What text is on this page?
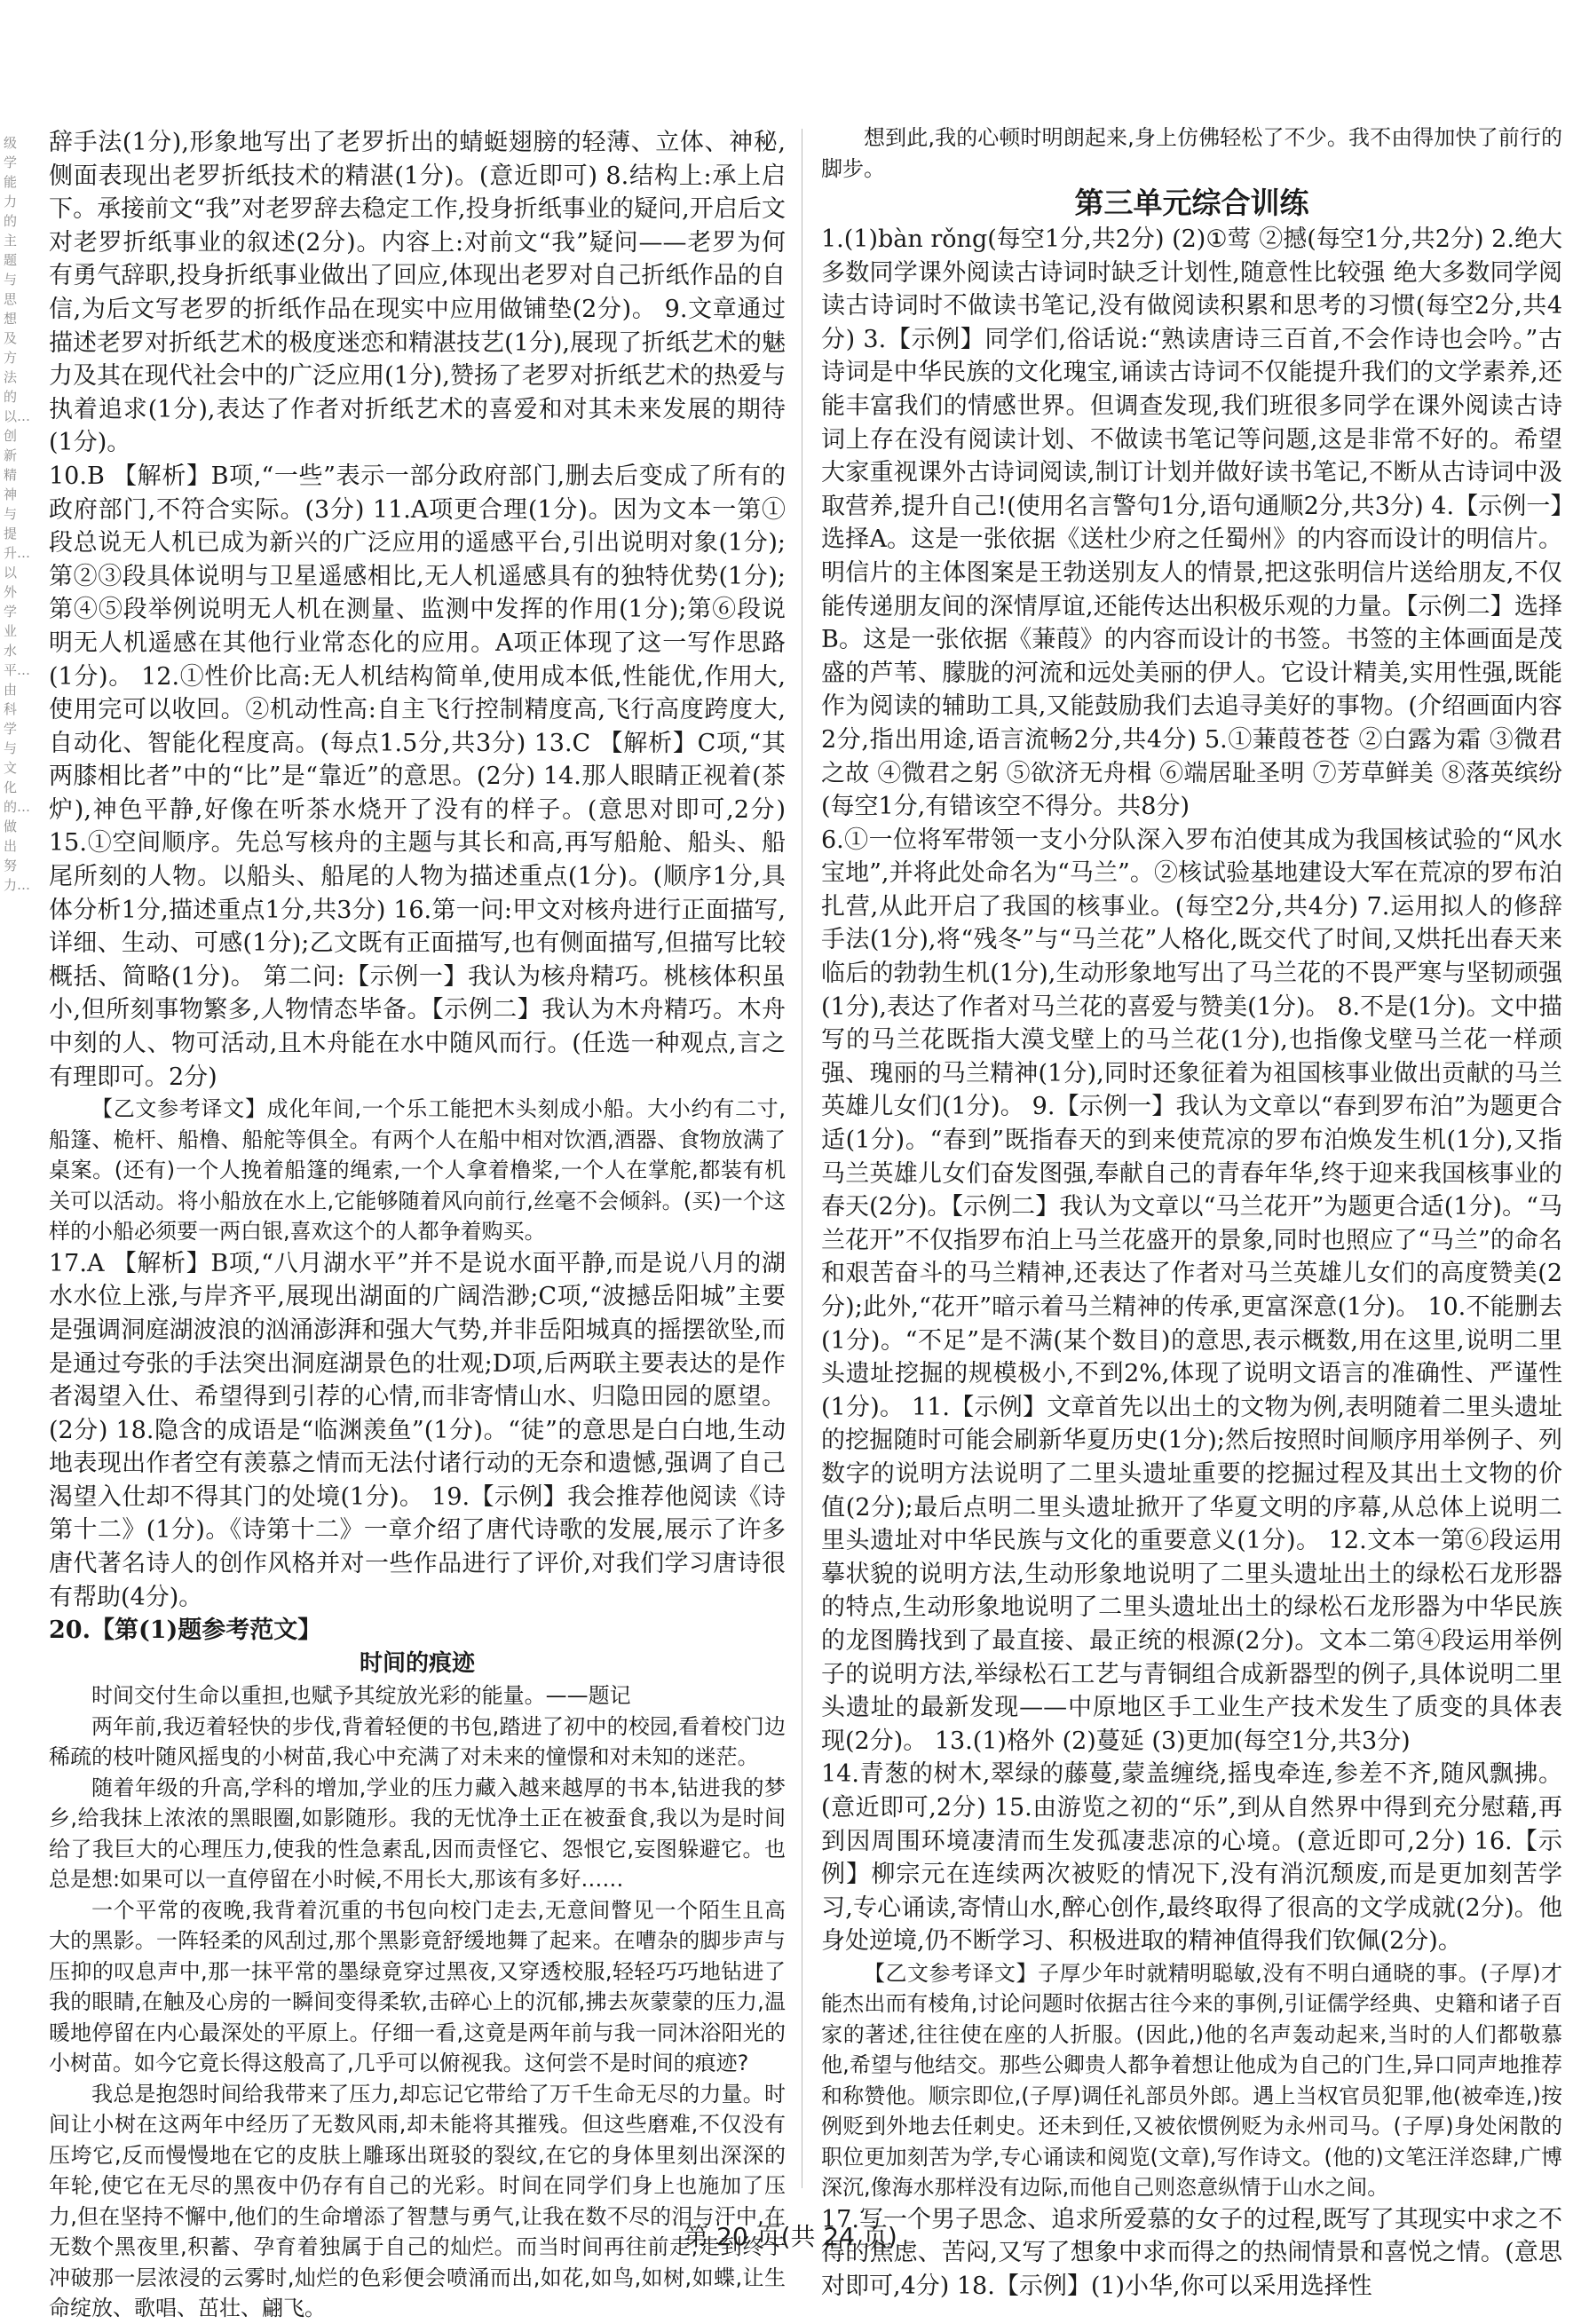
级学能力的主题与思想及方法的以…创新精神与提升…以外学业水平…由科学与文化的…做出努力…

辞手法(1分),形象地写出了老罗折出的蜻蜓翅膀的轻薄、立体、神秘,侧面表现出老罗折纸技术的精湛(1分)。(意近即可) 8.结构上:承上启下。承接前文“我”对老罗辞去稳定工作,投身折纸事业的疑问,开启后文对老罗折纸事业的叙述(2分)。内容上:对前文“我”疑问——老罗为何有勇气辞职,投身折纸事业做出了回应,体现出老罗对自己折纸作品的自信,为后文写老罗的折纸作品在现实中应用做铺垫(2分)。 9.文章通过描述老罗对折纸艺术的极度迷恋和精湛技艺(1分),展现了折纸艺术的魅力及其在现代社会中的广泛应用(1分),赞扬了老罗对折纸艺术的热爱与执着追求(1分),表达了作者对折纸艺术的喜爱和对其未来发展的期待(1分)。

10.B 【解析】B项,“一些”表示一部分政府部门,删去后变成了所有的政府部门,不符合实际。(3分) 11.A项更合理(1分)。因为文本一第①段总说无人机已成为新兴的广泛应用的遥感平台,引出说明对象(1分);第②③段具体说明与卫星遥感相比,无人机遥感具有的独特优势(1分);第④⑤段举例说明无人机在测量、监测中发挥的作用(1分);第⑥段说明无人机遥感在其他行业常态化的应用。A项正体现了这一写作思路(1分)。 12.①性价比高:无人机结构简单,使用成本低,性能优,作用大,使用完可以收回。②机动性高:自主飞行控制精度高,飞行高度跨度大,自动化、智能化程度高。(每点1.5分,共3分) 13.C 【解析】C项,“其两膝相比者”中的“比”是“靠近”的意思。(2分) 14.那人眼睛正视着(茶炉),神色平静,好像在听茶水烧开了没有的样子。(意思对即可,2分) 15.①空间顺序。先总写核舟的主题与其长和高,再写船舱、船头、船尾所刻的人物。以船头、船尾的人物为描述重点(1分)。(顺序1分,具体分析1分,描述重点1分,共3分) 16.第一问:甲文对核舟进行正面描写,详细、生动、可感(1分);乙文既有正面描写,也有侧面描写,但描写比较概括、简略(1分)。 第二问:【示例一】我认为核舟精巧。桃核体积虽小,但所刻事物繁多,人物情态毕备。【示例二】我认为木舟精巧。木舟中刻的人、物可活动,且木舟能在水中随风而行。(任选一种观点,言之有理即可。2分)

【乙文参考译文】成化年间,一个乐工能把木头刻成小船。大小约有二寸,船篷、桅杆、船橹、船舵等俱全。有两个人在船中相对饮酒,酒器、食物放满了桌案。(还有)一个人挽着船篷的绳索,一个人拿着橹桨,一个人在掌舵,都装有机关可以活动。将小船放在水上,它能够随着风向前行,丝毫不会倾斜。(买)一个这样的小船必须要一两白银,喜欢这个的人都争着购买。

17.A 【解析】B项,“八月湖水平”并不是说水面平静,而是说八月的湖水水位上涨,与岸齐平,展现出湖面的广阔浩渺;C项,“波撼岳阳城”主要是强调洞庭湖波浪的汹涌澎湃和强大气势,并非岳阳城真的摇摆欲坠,而是通过夸张的手法突出洞庭湖景色的壮观;D项,后两联主要表达的是作者渴望入仕、希望得到引荐的心情,而非寄情山水、归隐田园的愿望。(2分) 18.隐含的成语是“临渊羡鱼”(1分)。“徒”的意思是白白地,生动地表现出作者空有羡慕之情而无法付诸行动的无奈和遗憾,强调了自己渴望入仕却不得其门的处境(1分)。 19.【示例】我会推荐他阅读《诗第十二》(1分)。《诗第十二》一章介绍了唐代诗歌的发展,展示了许多唐代著名诗人的创作风格并对一些作品进行了评价,对我们学习唐诗很有帮助(4分)。

20.【第(1)题参考范文】

时间的痕迹

时间交付生命以重担,也赋予其绽放光彩的能量。——题记

两年前,我迈着轻快的步伐,背着轻便的书包,踏进了初中的校园,看着校门边稀疏的枝叶随风摇曳的小树苗,我心中充满了对未来的憧憬和对未知的迷茫。

随着年级的升高,学科的增加,学业的压力藏入越来越厚的书本,钻进我的梦乡,给我抹上浓浓的黑眼圈,如影随形。我的无忧净土正在被蚕食,我以为是时间给了我巨大的心理压力,使我的性急素乱,因而责怪它、怨恨它,妄图躲避它。也总是想:如果可以一直停留在小时候,不用长大,那该有多好……

一个平常的夜晚,我背着沉重的书包向校门走去,无意间瞥见一个陌生且高大的黑影。一阵轻柔的风刮过,那个黑影竟舒缓地舞了起来。在嘈杂的脚步声与压抑的叹息声中,那一抹平常的墨绿竟穿过黑夜,又穿透校服,轻轻巧巧地钻进了我的眼睛,在触及心房的一瞬间变得柔软,击碎心上的沉郁,拂去灰蒙蒙的压力,温暖地停留在内心最深处的平原上。仔细一看,这竟是两年前与我一同沐浴阳光的小树苗。如今它竟长得这般高了,几乎可以俯视我。这何尝不是时间的痕迹?

我总是抱怨时间给我带来了压力,却忘记它带给了万千生命无尽的力量。时间让小树在这两年中经历了无数风雨,却未能将其摧残。但这些磨难,不仅没有压垮它,反而慢慢地在它的皮肤上雕琢出斑驳的裂纹,在它的身体里刻出深深的年轮,使它在无尽的黑夜中仍存有自己的光彩。时间在同学们身上也施加了压力,但在坚持不懈中,他们的生命增添了智慧与勇气,让我在数不尽的泪与汗中,在无数个黑夜里,积蓄、孕育着独属于自己的灿烂。而当时间再往前走,走到终于冲破那一层浓浸的云雾时,灿烂的色彩便会喷涌而出,如花,如鸟,如树,如蝶,让生命绽放、歌唱、茁壮、翩飞。

想到此,我的心顿时明朗起来,身上仿佛轻松了不少。我不由得加快了前行的脚步。

第三单元综合训练

1.(1)bàn rǒng(每空1分,共2分) (2)①莺 ②撼(每空1分,共2分) 2.绝大多数同学课外阅读古诗词时缺乏计划性,随意性比较强 绝大多数同学阅读古诗词时不做读书笔记,没有做阅读积累和思考的习惯(每空2分,共4分) 3.【示例】同学们,俗话说:“熟读唐诗三百首,不会作诗也会吟。”古诗词是中华民族的文化瑰宝,诵读古诗词不仅能提升我们的文学素养,还能丰富我们的情感世界。但调查发现,我们班很多同学在课外阅读古诗词上存在没有阅读计划、不做读书笔记等问题,这是非常不好的。希望大家重视课外古诗词阅读,制订计划并做好读书笔记,不断从古诗词中汲取营养,提升自己!(使用名言警句1分,语句通顺2分,共3分) 4.【示例一】选择A。这是一张依据《送杜少府之任蜀州》的内容而设计的明信片。明信片的主体图案是王勃送别友人的情景,把这张明信片送给朋友,不仅能传递朋友间的深情厚谊,还能传达出积极乐观的力量。【示例二】选择B。这是一张依据《蒹葭》的内容而设计的书签。书签的主体画面是茂盛的芦苇、朦胧的河流和远处美丽的伊人。它设计精美,实用性强,既能作为阅读的辅助工具,又能鼓励我们去追寻美好的事物。(介绍画面内容2分,指出用途,语言流畅2分,共4分) 5.①蒹葭苍苍 ②白露为霜 ③微君之故 ④微君之躬 ⑤欲济无舟楫 ⑥端居耻圣明 ⑦芳草鲜美 ⑧落英缤纷(每空1分,有错该空不得分。共8分)

6.①一位将军带领一支小分队深入罗布泊使其成为我国核试验的“风水宝地”,并将此处命名为“马兰”。②核试验基地建设大军在荒凉的罗布泊扎营,从此开启了我国的核事业。(每空2分,共4分) 7.运用拟人的修辞手法(1分),将“残冬”与“马兰花”人格化,既交代了时间,又烘托出春天来临后的勃勃生机(1分),生动形象地写出了马兰花的不畏严寒与坚韧顽强(1分),表达了作者对马兰花的喜爱与赞美(1分)。 8.不是(1分)。文中描写的马兰花既指大漠戈壁上的马兰花(1分),也指像戈壁马兰花一样顽强、瑰丽的马兰精神(1分),同时还象征着为祖国核事业做出贡献的马兰英雄儿女们(1分)。 9.【示例一】我认为文章以“春到罗布泊”为题更合适(1分)。“春到”既指春天的到来使荒凉的罗布泊焕发生机(1分),又指马兰英雄儿女们奋发图强,奉献自己的青春年华,终于迎来我国核事业的春天(2分)。【示例二】我认为文章以“马兰花开”为题更合适(1分)。“马兰花开”不仅指罗布泊上马兰花盛开的景象,同时也照应了“马兰”的命名和艰苦奋斗的马兰精神,还表达了作者对马兰英雄儿女们的高度赞美(2分);此外,“花开”暗示着马兰精神的传承,更富深意(1分)。 10.不能删去(1分)。“不足”是不满(某个数目)的意思,表示概数,用在这里,说明二里头遗址挖掘的规模极小,不到2%,体现了说明文语言的准确性、严谨性(1分)。 11.【示例】文章首先以出土的文物为例,表明随着二里头遗址的挖掘随时可能会刷新华夏历史(1分);然后按照时间顺序用举例子、列数字的说明方法说明了二里头遗址重要的挖掘过程及其出土文物的价值(2分);最后点明二里头遗址掀开了华夏文明的序幕,从总体上说明二里头遗址对中华民族与文化的重要意义(1分)。 12.文本一第⑥段运用摹状貌的说明方法,生动形象地说明了二里头遗址出土的绿松石龙形器的特点,生动形象地说明了二里头遗址出土的绿松石龙形器为中华民族的龙图腾找到了最直接、最正统的根源(2分)。文本二第④段运用举例子的说明方法,举绿松石工艺与青铜组合成新器型的例子,具体说明二里头遗址的最新发现——中原地区手工业生产技术发生了质变的具体表现(2分)。 13.(1)格外 (2)蔓延 (3)更加(每空1分,共3分)

14.青葱的树木,翠绿的藤蔓,蒙盖缠绕,摇曳牵连,参差不齐,随风飘拂。(意近即可,2分) 15.由游览之初的“乐”,到从自然界中得到充分慰藉,再到因周围环境凄清而生发孤凄悲凉的心境。(意近即可,2分) 16.【示例】柳宗元在连续两次被贬的情况下,没有消沉颓废,而是更加刻苦学习,专心诵读,寄情山水,醉心创作,最终取得了很高的文学成就(2分)。他身处逆境,仍不断学习、积极进取的精神值得我们钦佩(2分)。

【乙文参考译文】子厚少年时就精明聪敏,没有不明白通晓的事。(子厚)才能杰出而有棱角,讨论问题时依据古往今来的事例,引证儒学经典、史籍和诸子百家的著述,往往使在座的人折服。(因此,)他的名声轰动起来,当时的人们都敬慕他,希望与他结交。那些公卿贵人都争着想让他成为自己的门生,异口同声地推荐和称赞他。顺宗即位,(子厚)调任礼部员外郎。遇上当权官员犯罪,他(被牵连,)按例贬到外地去任刺史。还未到任,又被依惯例贬为永州司马。(子厚)身处闲散的职位更加刻苦为学,专心诵读和阅览(文章),写作诗文。(他的)文笔汪洋恣肆,广博深沉,像海水那样没有边际,而他自己则恣意纵情于山水之间。

17.写一个男子思念、追求所爱慕的女子的过程,既写了其现实中求之不得的焦虑、苦闷,又写了想象中求而得之的热闹情景和喜悦之情。(意思对即可,4分) 18.【示例】(1)小华,你可以采用选择性

第 20 页(共 24 页)
